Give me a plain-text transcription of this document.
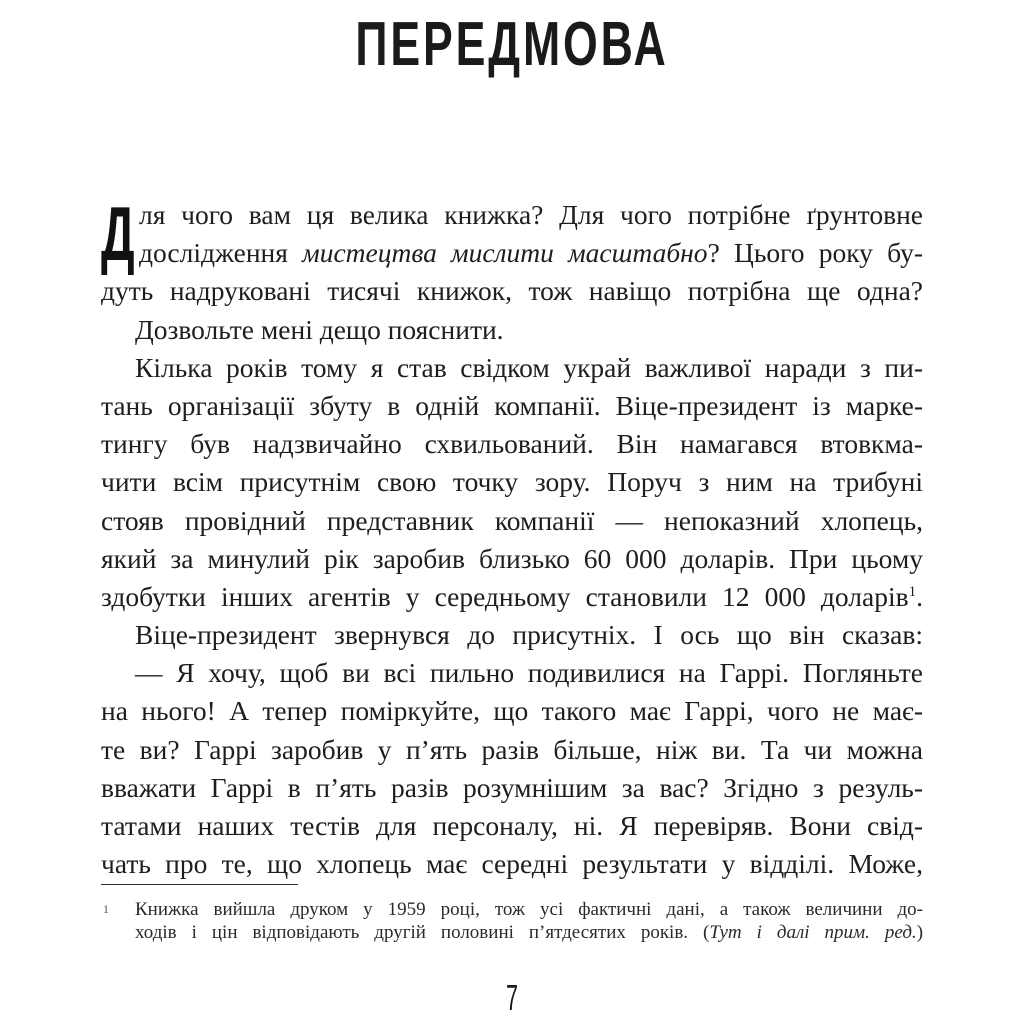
ПЕРЕДМОВА
Д ля чого вам ця велика книжка? Для чого потрібне ґрунтовне
дослідження мистецтва мислити масштабно? Цього року бу-
дуть надруковані тисячі книжок, тож навіщо потрібна ще одна?
Дозвольте мені дещо пояснити.
Кілька років тому я став свідком украй важливої наради з пи-
тань організації збуту в одній компанії. Віце-президент із марке-
тингу був надзвичайно схвильований. Він намагався втовкма-
чити всім присутнім свою точку зору. Поруч з ним на трибуні
стояв провідний представник компанії — непоказний хлопець,
який за минулий рік заробив близько 60 000 доларів. При цьому
здобутки інших агентів у середньому становили 12 000 доларів$^1$.
Віце-президент звернувся до присутніх. І ось що він сказав:
— Я хочу, щоб ви всі пильно подивилися на Гаррі. Погляньте
на нього! А тепер поміркуйте, що такого має Гаррі, чого не має-
те ви? Гаррі заробив у п’ять разів більше, ніж ви. Та чи можна
вважати Гаррі в п’ять разів розумнішим за вас? Згідно з резуль-
татами наших тестів для персоналу, ні. Я перевіряв. Вони свід-
чать про те, що хлопець має середні результати у відділі. Може,
1 Книжка вийшла друком у 1959 році, тож усі фактичні дані, а також величини до-
ходів і цін відповідають другій половині п’ятдесятих років. (Тут і далі прим. ред.)
7
